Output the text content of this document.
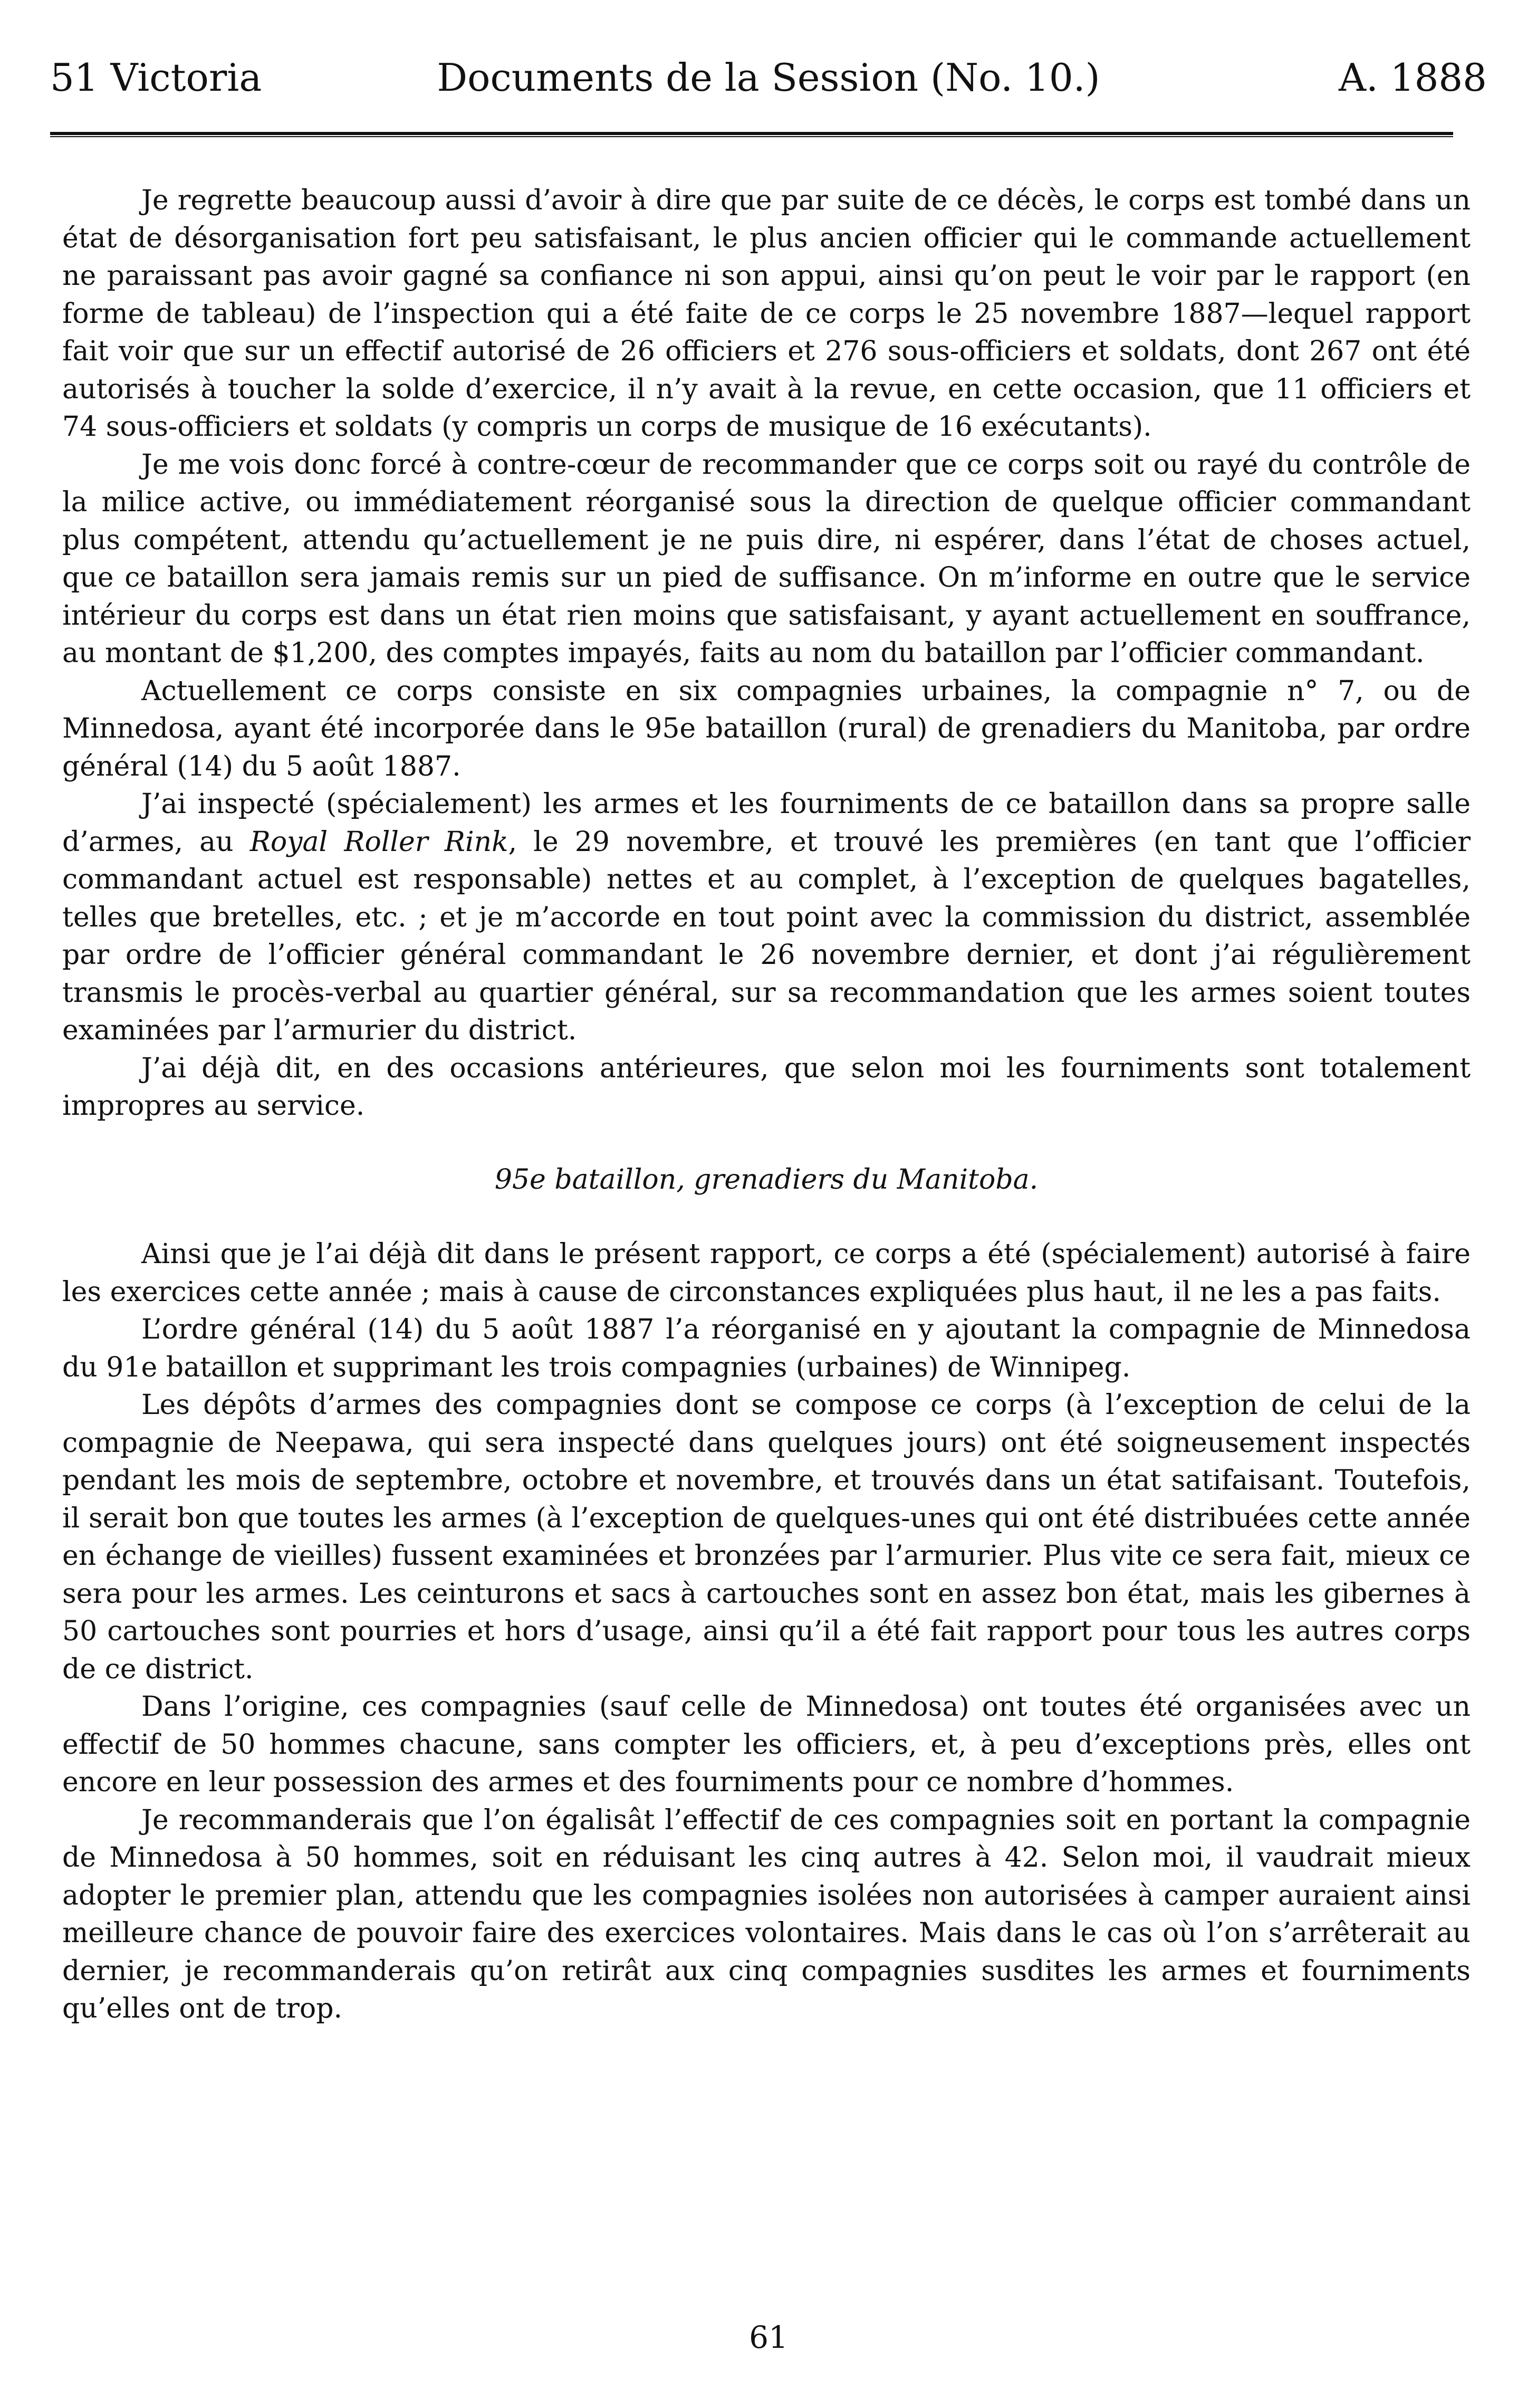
51 Victoria	Documents de la Session (No. 10.)	A. 1888

Je regrette beaucoup aussi d’avoir à dire que par suite de ce décès, le corps est tombé dans un état de désorganisation fort peu satisfaisant, le plus ancien officier qui le commande actuellement ne paraissant pas avoir gagné sa confiance ni son appui, ainsi qu’on peut le voir par le rapport (en forme de tableau) de l’inspection qui a été faite de ce corps le 25 novembre 1887—lequel rapport fait voir que sur un effectif autorisé de 26 officiers et 276 sous-officiers et soldats, dont 267 ont été autorisés à toucher la solde d’exercice, il n’y avait à la revue, en cette occasion, que 11 officiers et 74 sous-officiers et soldats (y compris un corps de musique de 16 exécutants).

Je me vois donc forcé à contre-cœur de recommander que ce corps soit ou rayé du contrôle de la milice active, ou immédiatement réorganisé sous la direction de quelque officier commandant plus compétent, attendu qu’actuellement je ne puis dire, ni espérer, dans l’état de choses actuel, que ce bataillon sera jamais remis sur un pied de suffisance. On m’informe en outre que le service intérieur du corps est dans un état rien moins que satisfaisant, y ayant actuellement en souffrance, au montant de $1,200, des comptes impayés, faits au nom du bataillon par l’officier commandant.

Actuellement ce corps consiste en six compagnies urbaines, la compagnie n° 7, ou de Minnedosa, ayant été incorporée dans le 95e bataillon (rural) de grenadiers du Manitoba, par ordre général (14) du 5 août 1887.

J’ai inspecté (spécialement) les armes et les fourniments de ce bataillon dans sa propre salle d’armes, au Royal Roller Rink, le 29 novembre, et trouvé les premières (en tant que l’officier commandant actuel est responsable) nettes et au complet, à l’exception de quelques bagatelles, telles que bretelles, etc. ; et je m’accorde en tout point avec la commission du district, assemblée par ordre de l’officier général commandant le 26 novembre dernier, et dont j’ai régulièrement transmis le procès-verbal au quartier général, sur sa recommandation que les armes soient toutes examinées par l’armurier du district.

J’ai déjà dit, en des occasions antérieures, que selon moi les fourniments sont totalement impropres au service.

95e bataillon, grenadiers du Manitoba.

Ainsi que je l’ai déjà dit dans le présent rapport, ce corps a été (spécialement) autorisé à faire les exercices cette année ; mais à cause de circonstances expliquées plus haut, il ne les a pas faits.

L’ordre général (14) du 5 août 1887 l’a réorganisé en y ajoutant la compagnie de Minnedosa du 91e bataillon et supprimant les trois compagnies (urbaines) de Winnipeg.

Les dépôts d’armes des compagnies dont se compose ce corps (à l’exception de celui de la compagnie de Neepawa, qui sera inspecté dans quelques jours) ont été soigneusement inspectés pendant les mois de septembre, octobre et novembre, et trouvés dans un état satifaisant. Toutefois, il serait bon que toutes les armes (à l’exception de quelques-unes qui ont été distribuées cette année en échange de vieilles) fussent examinées et bronzées par l’armurier. Plus vite ce sera fait, mieux ce sera pour les armes. Les ceinturons et sacs à cartouches sont en assez bon état, mais les gibernes à 50 cartouches sont pourries et hors d’usage, ainsi qu’il a été fait rapport pour tous les autres corps de ce district.

Dans l’origine, ces compagnies (sauf celle de Minnedosa) ont toutes été organisées avec un effectif de 50 hommes chacune, sans compter les officiers, et, à peu d’exceptions près, elles ont encore en leur possession des armes et des fourniments pour ce nombre d’hommes.

Je recommanderais que l’on égalisât l’effectif de ces compagnies soit en portant la compagnie de Minnedosa à 50 hommes, soit en réduisant les cinq autres à 42. Selon moi, il vaudrait mieux adopter le premier plan, attendu que les compagnies isolées non autorisées à camper auraient ainsi meilleure chance de pouvoir faire des exercices volontaires. Mais dans le cas où l’on s’arrêterait au dernier, je recommanderais qu’on retirât aux cinq compagnies susdites les armes et fourniments qu’elles ont de trop.

61
